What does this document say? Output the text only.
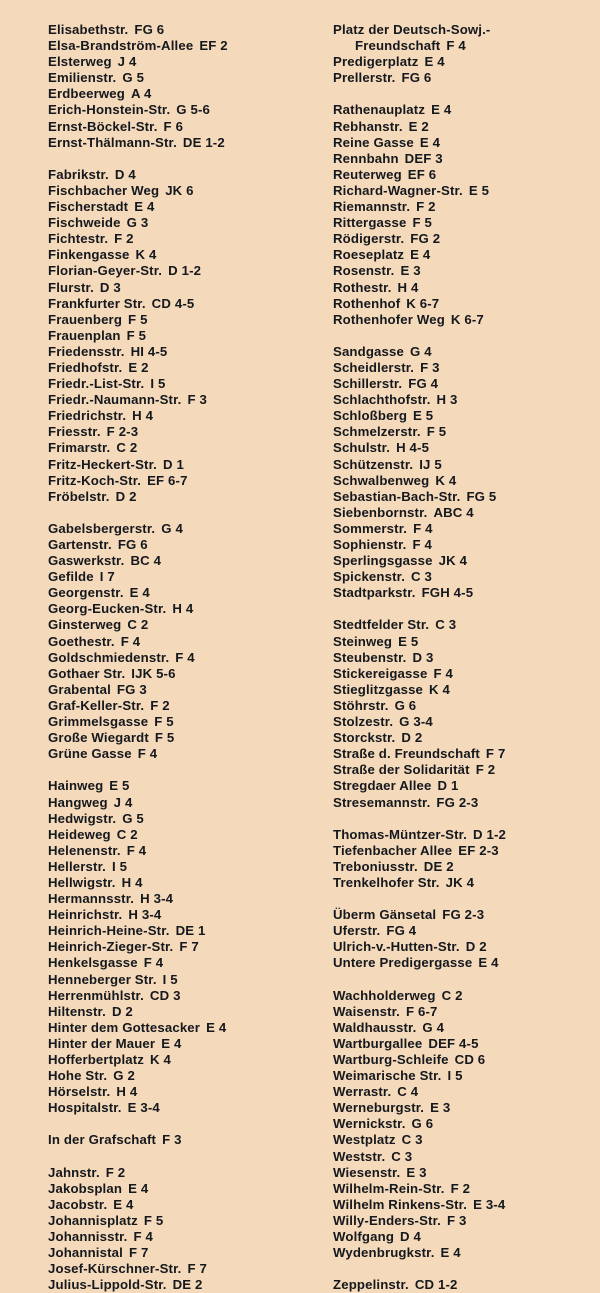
Elisabethstr. FG 6
Elsa-Brandström-Allee EF 2
Elsterweg J 4
Emilienstr. G 5
Erdbeerweg A 4
Erich-Honstein-Str. G 5-6
Ernst-Böckel-Str. F 6
Ernst-Thälmann-Str. DE 1-2
Fabrikstr. D 4
Fischbacher Weg JK 6
Fischerstadt E 4
Fischweide G 3
Fichtestr. F 2
Finkengasse K 4
Florian-Geyer-Str. D 1-2
Flurstr. D 3
Frankfurter Str. CD 4-5
Frauenberg F 5
Frauenplan F 5
Friedensstr. HI 4-5
Friedhofstr. E 2
Friedr.-List-Str. I 5
Friedr.-Naumann-Str. F 3
Friedrichstr. H 4
Friesstr. F 2-3
Frimarstr. C 2
Fritz-Heckert-Str. D 1
Fritz-Koch-Str. EF 6-7
Fröbelstr. D 2
Gabelsbergerstr. G 4
Gartenstr. FG 6
Gaswerkstr. BC 4
Gefilde I 7
Georgenstr. E 4
Georg-Eucken-Str. H 4
Ginsterweg C 2
Goethestr. F 4
Goldschmiedenstr. F 4
Gothaer Str. IJK 5-6
Grabental FG 3
Graf-Keller-Str. F 2
Grimmelsgasse F 5
Große Wiegardt F 5
Grüne Gasse F 4
Hainweg E 5
Hangweg J 4
Hedwigstr. G 5
Heideweg C 2
Helenenstr. F 4
Hellerstr. I 5
Hellwigstr. H 4
Hermannsstr. H 3-4
Heinrichstr. H 3-4
Heinrich-Heine-Str. DE 1
Heinrich-Zieger-Str. F 7
Henkelsgasse F 4
Henneberger Str. I 5
Herrenmühlstr. CD 3
Hiltenstr. D 2
Hinter dem Gottesacker E 4
Hinter der Mauer E 4
Hofferbertplatz K 4
Hohe Str. G 2
Hörselstr. H 4
Hospitalstr. E 3-4
In der Grafschaft F 3
Jahnstr. F 2
Jakobsplan E 4
Jacobstr. E 4
Johannisplatz F 5
Johannisstr. F 4
Johannistal F 7
Josef-Kürschner-Str. F 7
Julius-Lippold-Str. DE 2
Platz der Deutsch-Sowj.-
Freundschaft F 4
Predigerplatz E 4
Prellerstr. FG 6
Rathenauplatz E 4
Rebhanstr. E 2
Reine Gasse E 4
Rennbahn DEF 3
Reuterweg EF 6
Richard-Wagner-Str. E 5
Riemannstr. F 2
Rittergasse F 5
Rödigerstr. FG 2
Roeseplatz E 4
Rosenstr. E 3
Rothestr. H 4
Rothenhof K 6-7
Rothenhofer Weg K 6-7
Sandgasse G 4
Scheidlerstr. F 3
Schillerstr. FG 4
Schlachthofstr. H 3
Schloßberg E 5
Schmelzerstr. F 5
Schulstr. H 4-5
Schützenstr. IJ 5
Schwalbenweg K 4
Sebastian-Bach-Str. FG 5
Siebenbornstr. ABC 4
Sommerstr. F 4
Sophienstr. F 4
Sperlingsgasse JK 4
Spickenstr. C 3
Stadtparkstr. FGH 4-5
Stedtfelder Str. C 3
Steinweg E 5
Steubenstr. D 3
Stickereigasse F 4
Stieglitzgasse K 4
Stöhrstr. G 6
Stolzestr. G 3-4
Storckstr. D 2
Straße d. Freundschaft F 7
Straße der Solidarität F 2
Stregdaer Allee D 1
Stresemannstr. FG 2-3
Thomas-Müntzer-Str. D 1-2
Tiefenbacher Allee EF 2-3
Treboniusstr. DE 2
Trenkelhofer Str. JK 4
Überm Gänsetal FG 2-3
Uferstr. FG 4
Ulrich-v.-Hutten-Str. D 2
Untere Predigergasse E 4
Wachholderweg C 2
Waisenstr. F 6-7
Waldhausstr. G 4
Wartburgallee DEF 4-5
Wartburg-Schleife CD 6
Weimarische Str. I 5
Werrastr. C 4
Werneburgstr. E 3
Wernickstr. G 6
Westplatz C 3
Weststr. C 3
Wiesenstr. E 3
Wilhelm-Rein-Str. F 2
Wilhelm Rinkens-Str. E 3-4
Willy-Enders-Str. F 3
Wolfgang D 4
Wydenbrugkstr. E 4
Zeppelinstr. CD 1-2
